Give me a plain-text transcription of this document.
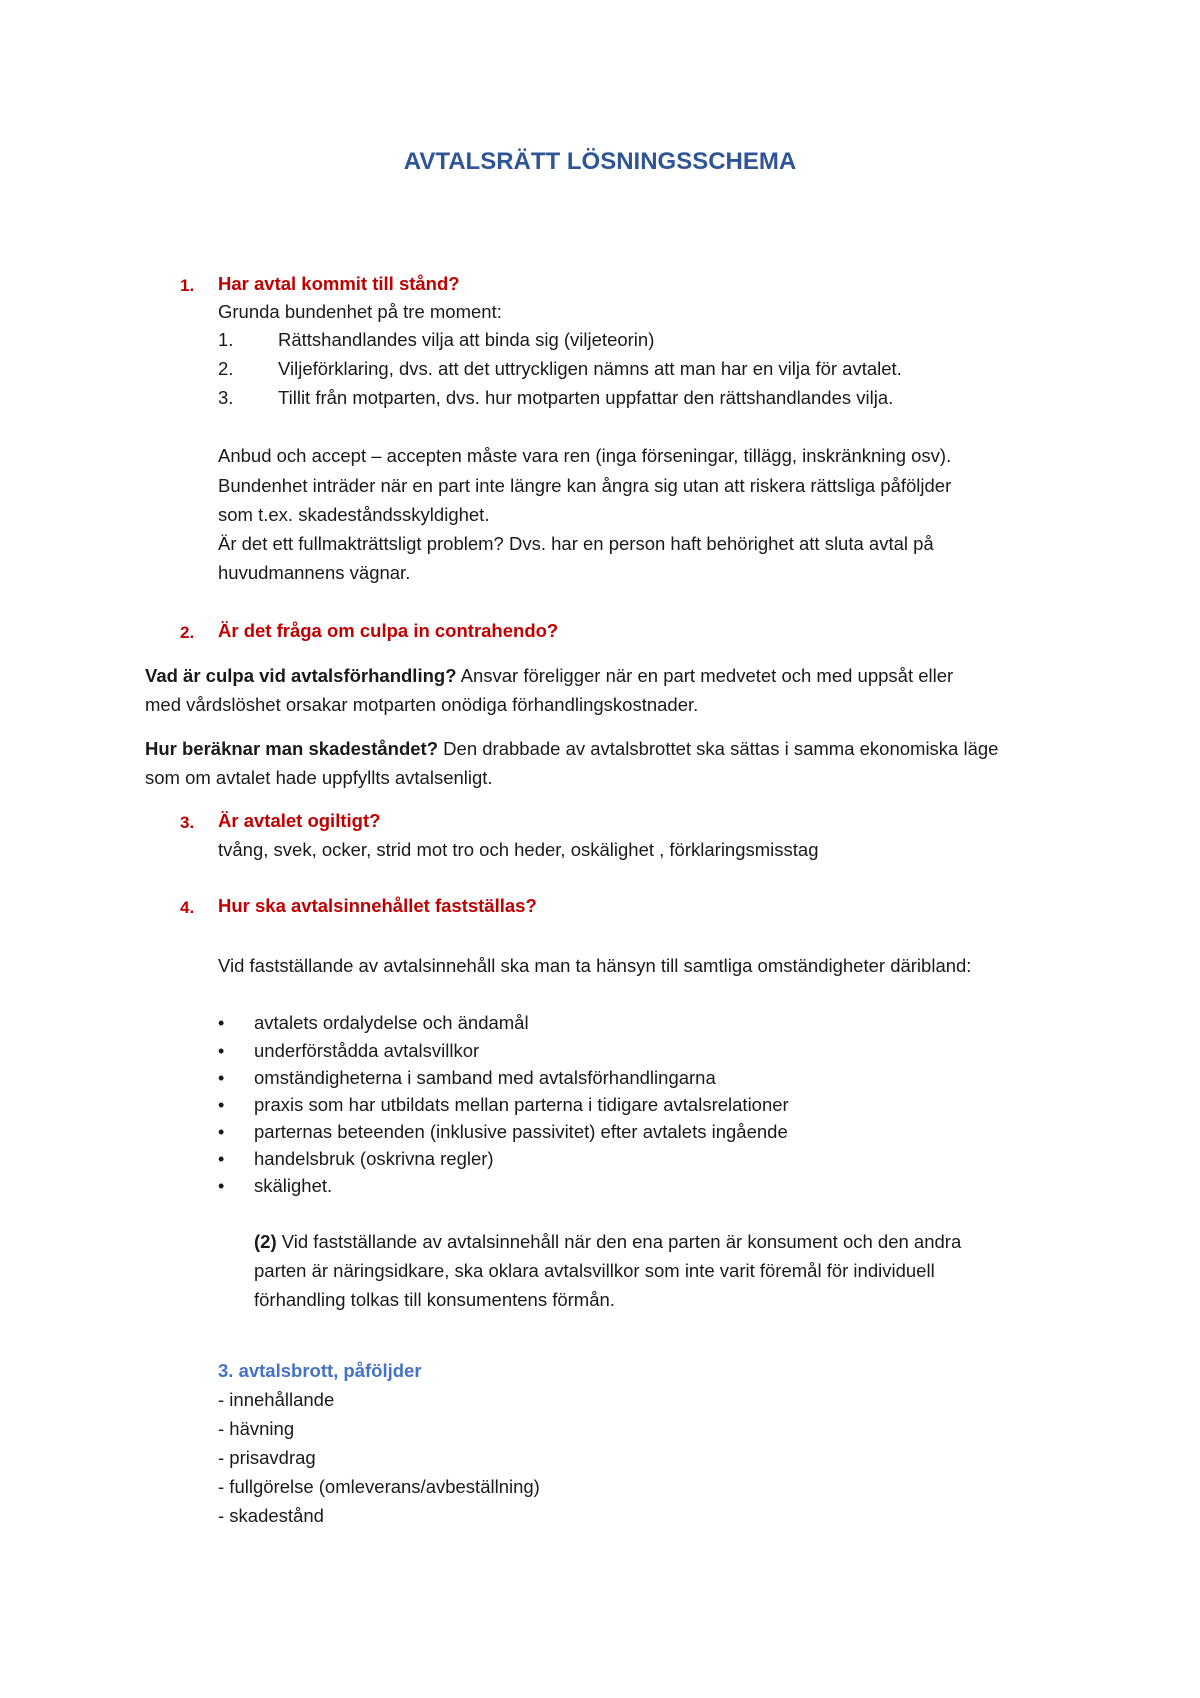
AVTALSRÄTT LÖSNINGSSCHEMA
1. Har avtal kommit till stånd?
Grunda bundenhet på tre moment:
1. Rättshandlandes vilja att binda sig (viljeteorin)
2. Viljeförklaring, dvs. att det uttryckligen nämns att man har en vilja för avtalet.
3. Tillit från motparten, dvs. hur motparten uppfattar den rättshandlandes vilja.
Anbud och accept – accepten måste vara ren (inga förseningar, tillägg, inskränkning osv).
Bundenhet inträder när en part inte längre kan ångra sig utan att riskera rättsliga påföljder
som t.ex. skadeståndsskyldighet.
Är det ett fullmakträttsligt problem? Dvs. har en person haft behörighet att sluta avtal på
huvudmannens vägnar.
2. Är det fråga om culpa in contrahendo?
Vad är culpa vid avtalsförhandling? Ansvar föreligger när en part medvetet och med uppsåt eller
med vårdslöshet orsakar motparten onödiga förhandlingskostnader.
Hur beräknar man skadeståndet? Den drabbade av avtalsbrottet ska sättas i samma ekonomiska läge
som om avtalet hade uppfyllts avtalsenligt.
3. Är avtalet ogiltigt?
tvång, svek, ocker, strid mot tro och heder, oskälighet , förklaringsmisstag
4. Hur ska avtalsinnehållet fastställas?
Vid fastställande av avtalsinnehåll ska man ta hänsyn till samtliga omständigheter däribland:
• avtalets ordalydelse och ändamål
• underförstådda avtalsvillkor
• omständigheterna i samband med avtalsförhandlingarna
• praxis som har utbildats mellan parterna i tidigare avtalsrelationer
• parternas beteenden (inklusive passivitet) efter avtalets ingående
• handelsbruk (oskrivna regler)
• skälighet.
(2) Vid fastställande av avtalsinnehåll när den ena parten är konsument och den andra
parten är näringsidkare, ska oklara avtalsvillkor som inte varit föremål för individuell
förhandling tolkas till konsumentens förmån.
3. avtalsbrott, påföljder
- innehållande
- hävning
- prisavdrag
- fullgörelse (omleverans/avbeställning)
- skadestånd
